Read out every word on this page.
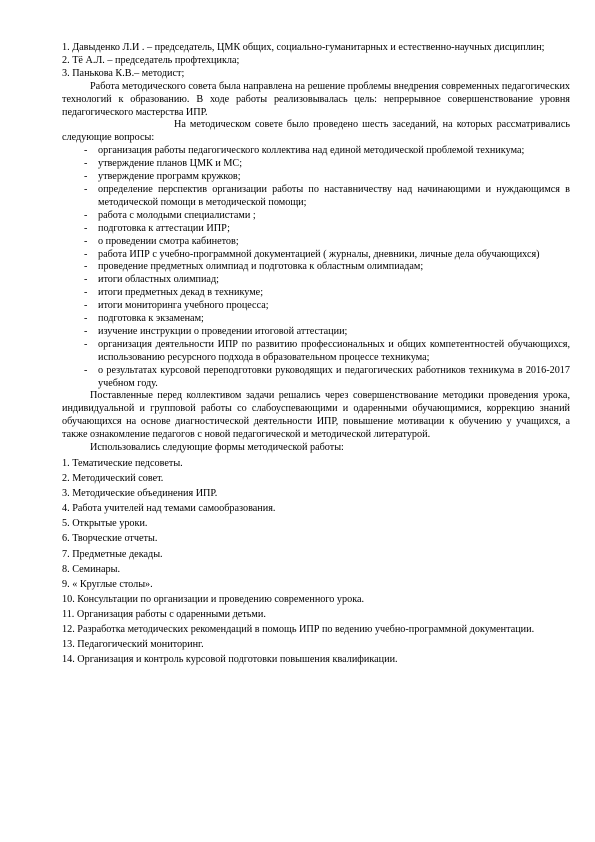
1. Давыденко Л.И . – председатель, ЦМК общих, социально-гуманитарных и естественно-научных дисциплин;

2. Тё А.Л. – председатель профтехцикла;

3. Панькова К.В.– методист;

Работа методического совета была направлена на решение проблемы внедрения современных педагогических технологий к образованию. В ходе работы реализовывалась цель: непрерывное совершенствование уровня педагогического мастерства ИПР.

На методическом совете было проведено шесть заседаний, на которых рассматривались следующие вопросы:

- организация работы педагогического коллектива над единой методической проблемой техникума;
- утверждение планов ЦМК и МС;
- утверждение программ кружков;
- определение перспектив организации работы по наставничеству над начинающими и нуждающимся в методической помощи в методической помощи;
- работа с молодыми специалистами ;
- подготовка к аттестации ИПР;
- о проведении смотра кабинетов;
- работа ИПР с учебно-программной документацией ( журналы, дневники, личные дела обучающихся)
- проведение предметных олимпиад и подготовка к областным олимпиадам;
- итоги областных олимпиад;
- итоги предметных декад в техникуме;
- итоги мониторинга учебного процесса;
- подготовка к экзаменам;
- изучение инструкции о проведении итоговой аттестации;
- организация деятельности ИПР по развитию профессиональных и общих компетентностей обучающихся, использованию ресурсного подхода в образовательном процессе техникума;
- о результатах курсовой переподготовки руководящих и педагогических работников техникума в 2016-2017 учебном году.

Поставленные перед коллективом задачи решались через совершенствование методики проведения урока, индивидуальной и групповой работы со слабоуспевающими и одаренными обучающимися, коррекцию знаний обучающихся на основе диагностической деятельности ИПР, повышение мотивации к обучению у учащихся, а также ознакомление педагогов с новой педагогической и методической литературой.

Использовались следующие формы методической работы:

1. Тематические педсоветы.
2. Методический совет.
3. Методические объединения ИПР.
4. Работа учителей над темами самообразования.
5. Открытые уроки.
6. Творческие отчеты.
7. Предметные декады.
8. Семинары.
9. « Круглые столы».
10. Консультации по организации и проведению современного урока.
11. Организация работы с одаренными детьми.
12. Разработка методических рекомендаций в помощь ИПР по ведению учебно-программной документации.
13. Педагогический мониторинг.
14. Организация и контроль курсовой подготовки повышения квалификации.
